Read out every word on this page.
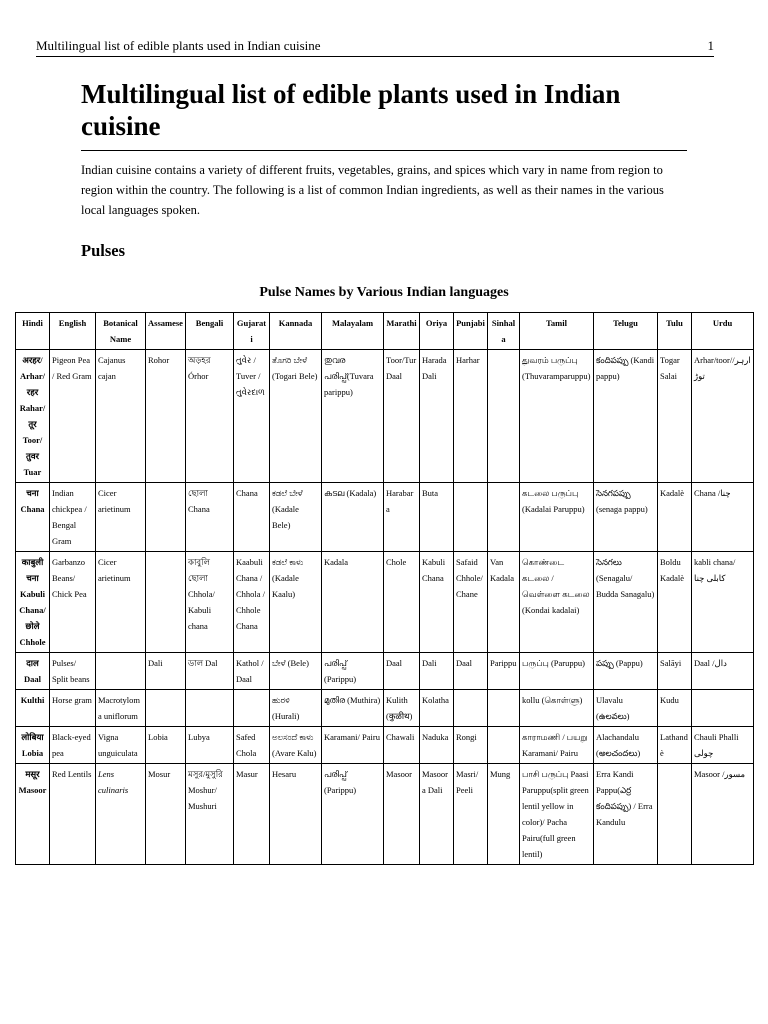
Multilingual list of edible plants used in Indian cuisine	1
Multilingual list of edible plants used in Indian cuisine

Indian cuisine contains a variety of different fruits, vegetables, grains, and spices which vary in name from region to region within the country. The following is a list of common Indian ingredients, as well as their names in the various local languages spoken.

Pulses
Pulse Names by Various Indian languages
Hindi	English	Botanical Name	Assamese	Bengali	Gujarati	Kannada	Malayalam	Marathi	Oriya	Punjabi	Sinhala	Tamil	Telugu	Tulu	Urdu
अरहर/ Arhar/ रहर Rahar/ तूर Toor/ तुवर Tuar	Pigeon Pea / Red Gram	Cajanus cajan	Rohor	অড়হর Órhor	તુવેર / Tuver / તુવેરદાળ	ತೊಗರಿ ಬೇಳೆ (Togari Bele)	തുവര പരിപ്പ്(Tuvara parippu)	Toor/Tur Daal	Harada Dali	Harhar		துவரம் பருப்பு (Thuvaramparuppu)	కందిపప్పు (Kandi pappu)	Togar Salai	Arhar/toor/ارہر/توڑ
चना Chana	Indian chickpea / Bengal Gram	Cicer arietinum		ছোলা Chana	Chana	ಕಡಲೆ ಬೇಳೆ (Kadale Bele)	കടല (Kadala)	Harabara	Buta			கடலை பருப்பு (Kadalai Paruppu)	సెనగపప్పు (senaga pappu)	Kadalè	Chana /چنا
काबुली चना Kabuli Chana/ छोले Chhole	Garbanzo Beans/ Chick Pea	Cicer arietinum		কাবুলি ছোলা Chhola/ Kabuli chana	Kaabuli Chana / Chhola / Chhole Chana	ಕಡಲೆ ಕಾಳು (Kadale Kaalu)	Kadala	Chole	Kabuli Chana	Safaid Chhole/ Chane	Van Kadala	கொண்டை கடலை / வெள்ளை கடலை (Kondai kadalai)	సెనగలు (Senagalu/ Budda Sanagalu)	Boldu Kadalè	kabli chana/کابلی چنا
दाल Daal	Pulses/ Split beans		Dali	ডাল Dal	Kathol / Daal	ಬೇಳೆ (Bele)	പരിപ്പ് (Parippu)	Daal	Dali	Daal	Parippu	பருப்பு (Paruppu)	పప్పు (Pappu)	Salāyi	Daal /دال
Kulthi	Horse gram	Macrotyloma uniflorum				ಹುರಳಿ (Hurali)	മുതിര (Muthira)	Kulith (कुळीथ)	Kolatha			kollu (கொள்ளு)	Ulavalu (ఉలవలు)	Kudu	
लोबिया Lobia	Black-eyed pea	Vigna unguiculata	Lobia	Lubya	Safed Chola	ಅಲಸಂದೆ ಕಾಳು (Avare Kalu)	Karamani/ Pairu	Chawali	Naduka	Rongi		காராமணி / பயறு Karamani/ Pairu	Alachandalu (అలచందలు)	Lathandè	Chauli Phalli چولی
मसूर Masoor	Red Lentils	Lens culinaris	Mosur	মসুর/মুসুরি Moshur/ Mushuri	Masur	Hesaru	പരിപ്പ് (Parippu)	Masoor	Masoora Dali	Masri/ Peeli	Mung	பாசி பருப்பு Paasi Paruppu(split green lentil yellow in color)/ Pacha Pairu(full green lentil)	Erra Kandi Pappu(ఎర్ర కందిపప్పు) / Erra Kandulu		Masoor /مسور
